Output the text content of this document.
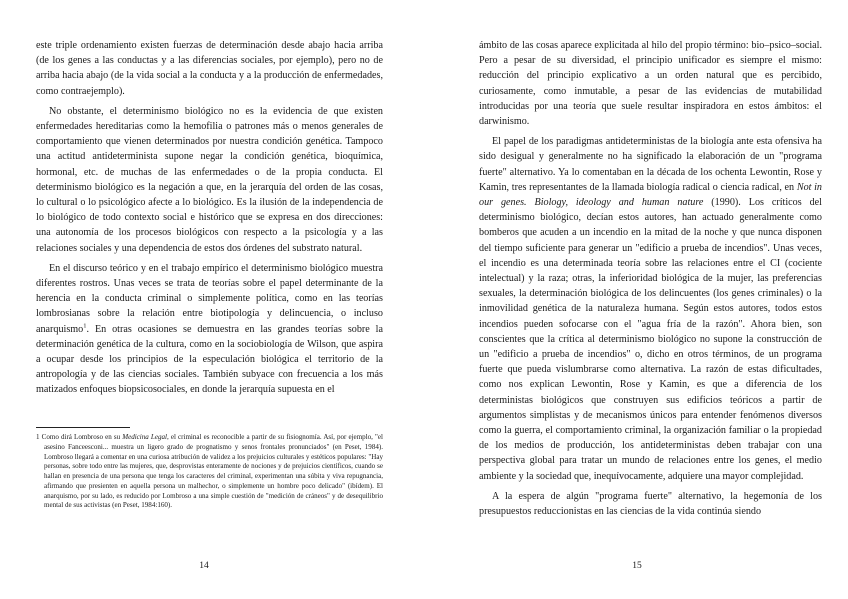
este triple ordenamiento existen fuerzas de determinación desde abajo hacia arriba (de los genes a las conductas y a las diferencias sociales, por ejemplo), pero no de arriba hacia abajo (de la vida social a la conducta y a la producción de enfermedades, como contraejemplo).

No obstante, el determinismo biológico no es la evidencia de que existen enfermedades hereditarias como la hemofilia o patrones más o menos generales de comportamiento que vienen determinados por nuestra condición genética. Tampoco una actitud antideterminista supone negar la condición genética, bioquímica, hormonal, etc. de muchas de las enfermedades o de la propia conducta. El determinismo biológico es la negación a que, en la jerarquía del orden de las cosas, lo cultural o lo psicológico afecte a lo biológico. Es la ilusión de la independencia de lo biológico de todo contexto social e histórico que se expresa en dos direcciones: una autonomía de los procesos biológicos con respecto a la psicología y a las relaciones sociales y una dependencia de estos dos órdenes del substrato natural.

En el discurso teórico y en el trabajo empírico el determinismo biológico muestra diferentes rostros. Unas veces se trata de teorías sobre el papel determinante de la herencia en la conducta criminal o simplemente política, como en las teorías lombrosianas sobre la relación entre biotipología y delincuencia, o incluso anarquismo$^1$. En otras ocasiones se demuestra en las grandes teorías sobre la determinación genética de la cultura, como en la sociobiología de Wilson, que aspira a ocupar desde los principios de la especulación biológica el territorio de la antropología y de las ciencias sociales. También subyace con frecuencia a los más matizados enfoques biopsicosociales, en donde la jerarquía supuesta en el

1 Como dirá Lombroso en su Medicina Legal, el criminal es reconocible a partir de su fisiognomía. Así, por ejemplo, "el asesino Fanceesconi... muestra un ligero grado de prognatismo y senos frontales pronunciados" (en Peset, 1984). Lombroso llegará a comentar en una curiosa atribución de validez a los prejuicios culturales y estéticos populares: "Hay personas, sobre todo entre las mujeres, que, desprovistas enteramente de nociones y de prejuicios científicos, cuando se hallan en presencia de una persona que tenga los caracteres del criminal, experimentan una súbita y viva repugnancia, afirmando que presienten en aquella persona un malhechor, o simplemente un hombre poco delicado" (ibídem). El anarquismo, por su lado, es reducido por Lombroso a una simple cuestión de "medición de cráneos" y de desequilibrio mental de sus activistas (en Peset, 1984:160).
14

ámbito de las cosas aparece explicitada al hilo del propio término: bio–psico–social. Pero a pesar de su diversidad, el principio unificador es siempre el mismo: reducción del principio explicativo a un orden natural que es percibido, curiosamente, como inmutable, a pesar de las evidencias de mutabilidad introducidas por una teoría que suele resultar inspiradora en estos ámbitos: el darwinismo.

El papel de los paradigmas antideterministas de la biología ante esta ofensiva ha sido desigual y generalmente no ha significado la elaboración de un "programa fuerte" alternativo. Ya lo comentaban en la década de los ochenta Lewontin, Rose y Kamin, tres representantes de la llamada biología radical o ciencia radical, en Not in our genes. Biology, ideology and human nature (1990). Los críticos del determinismo biológico, decían estos autores, han actuado generalmente como bomberos que acuden a un incendio en la mitad de la noche y que nunca disponen del tiempo suficiente para generar un "edificio a prueba de incendios". Unas veces, el incendio es una determinada teoría sobre las relaciones entre el CI (cociente intelectual) y la raza; otras, la inferioridad biológica de la mujer, las preferencias sexuales, la determinación biológica de los delincuentes (los genes criminales) o la inmovilidad genética de la naturaleza humana. Según estos autores, todos estos incendios pueden sofocarse con el "agua fría de la razón". Ahora bien, son conscientes que la crítica al determinismo biológico no supone la construcción de un "edificio a prueba de incendios" o, dicho en otros términos, de un programa fuerte que pueda vislumbrarse como alternativa. La razón de estas dificultades, como nos explican Lewontin, Rose y Kamin, es que a diferencia de los deterministas biológicos que construyen sus edificios teóricos a partir de argumentos simplistas y de mecanismos únicos para entender fenómenos diversos como la guerra, el comportamiento criminal, la organización familiar o la propiedad de los medios de producción, los antideterministas deben trabajar con una perspectiva global para tratar un mundo de relaciones entre los genes, el medio ambiente y la sociedad que, inequívocamente, adquiere una mayor complejidad.

A la espera de algún "programa fuerte" alternativo, la hegemonía de los presupuestos reduccionistas en las ciencias de la vida continúa siendo

15
